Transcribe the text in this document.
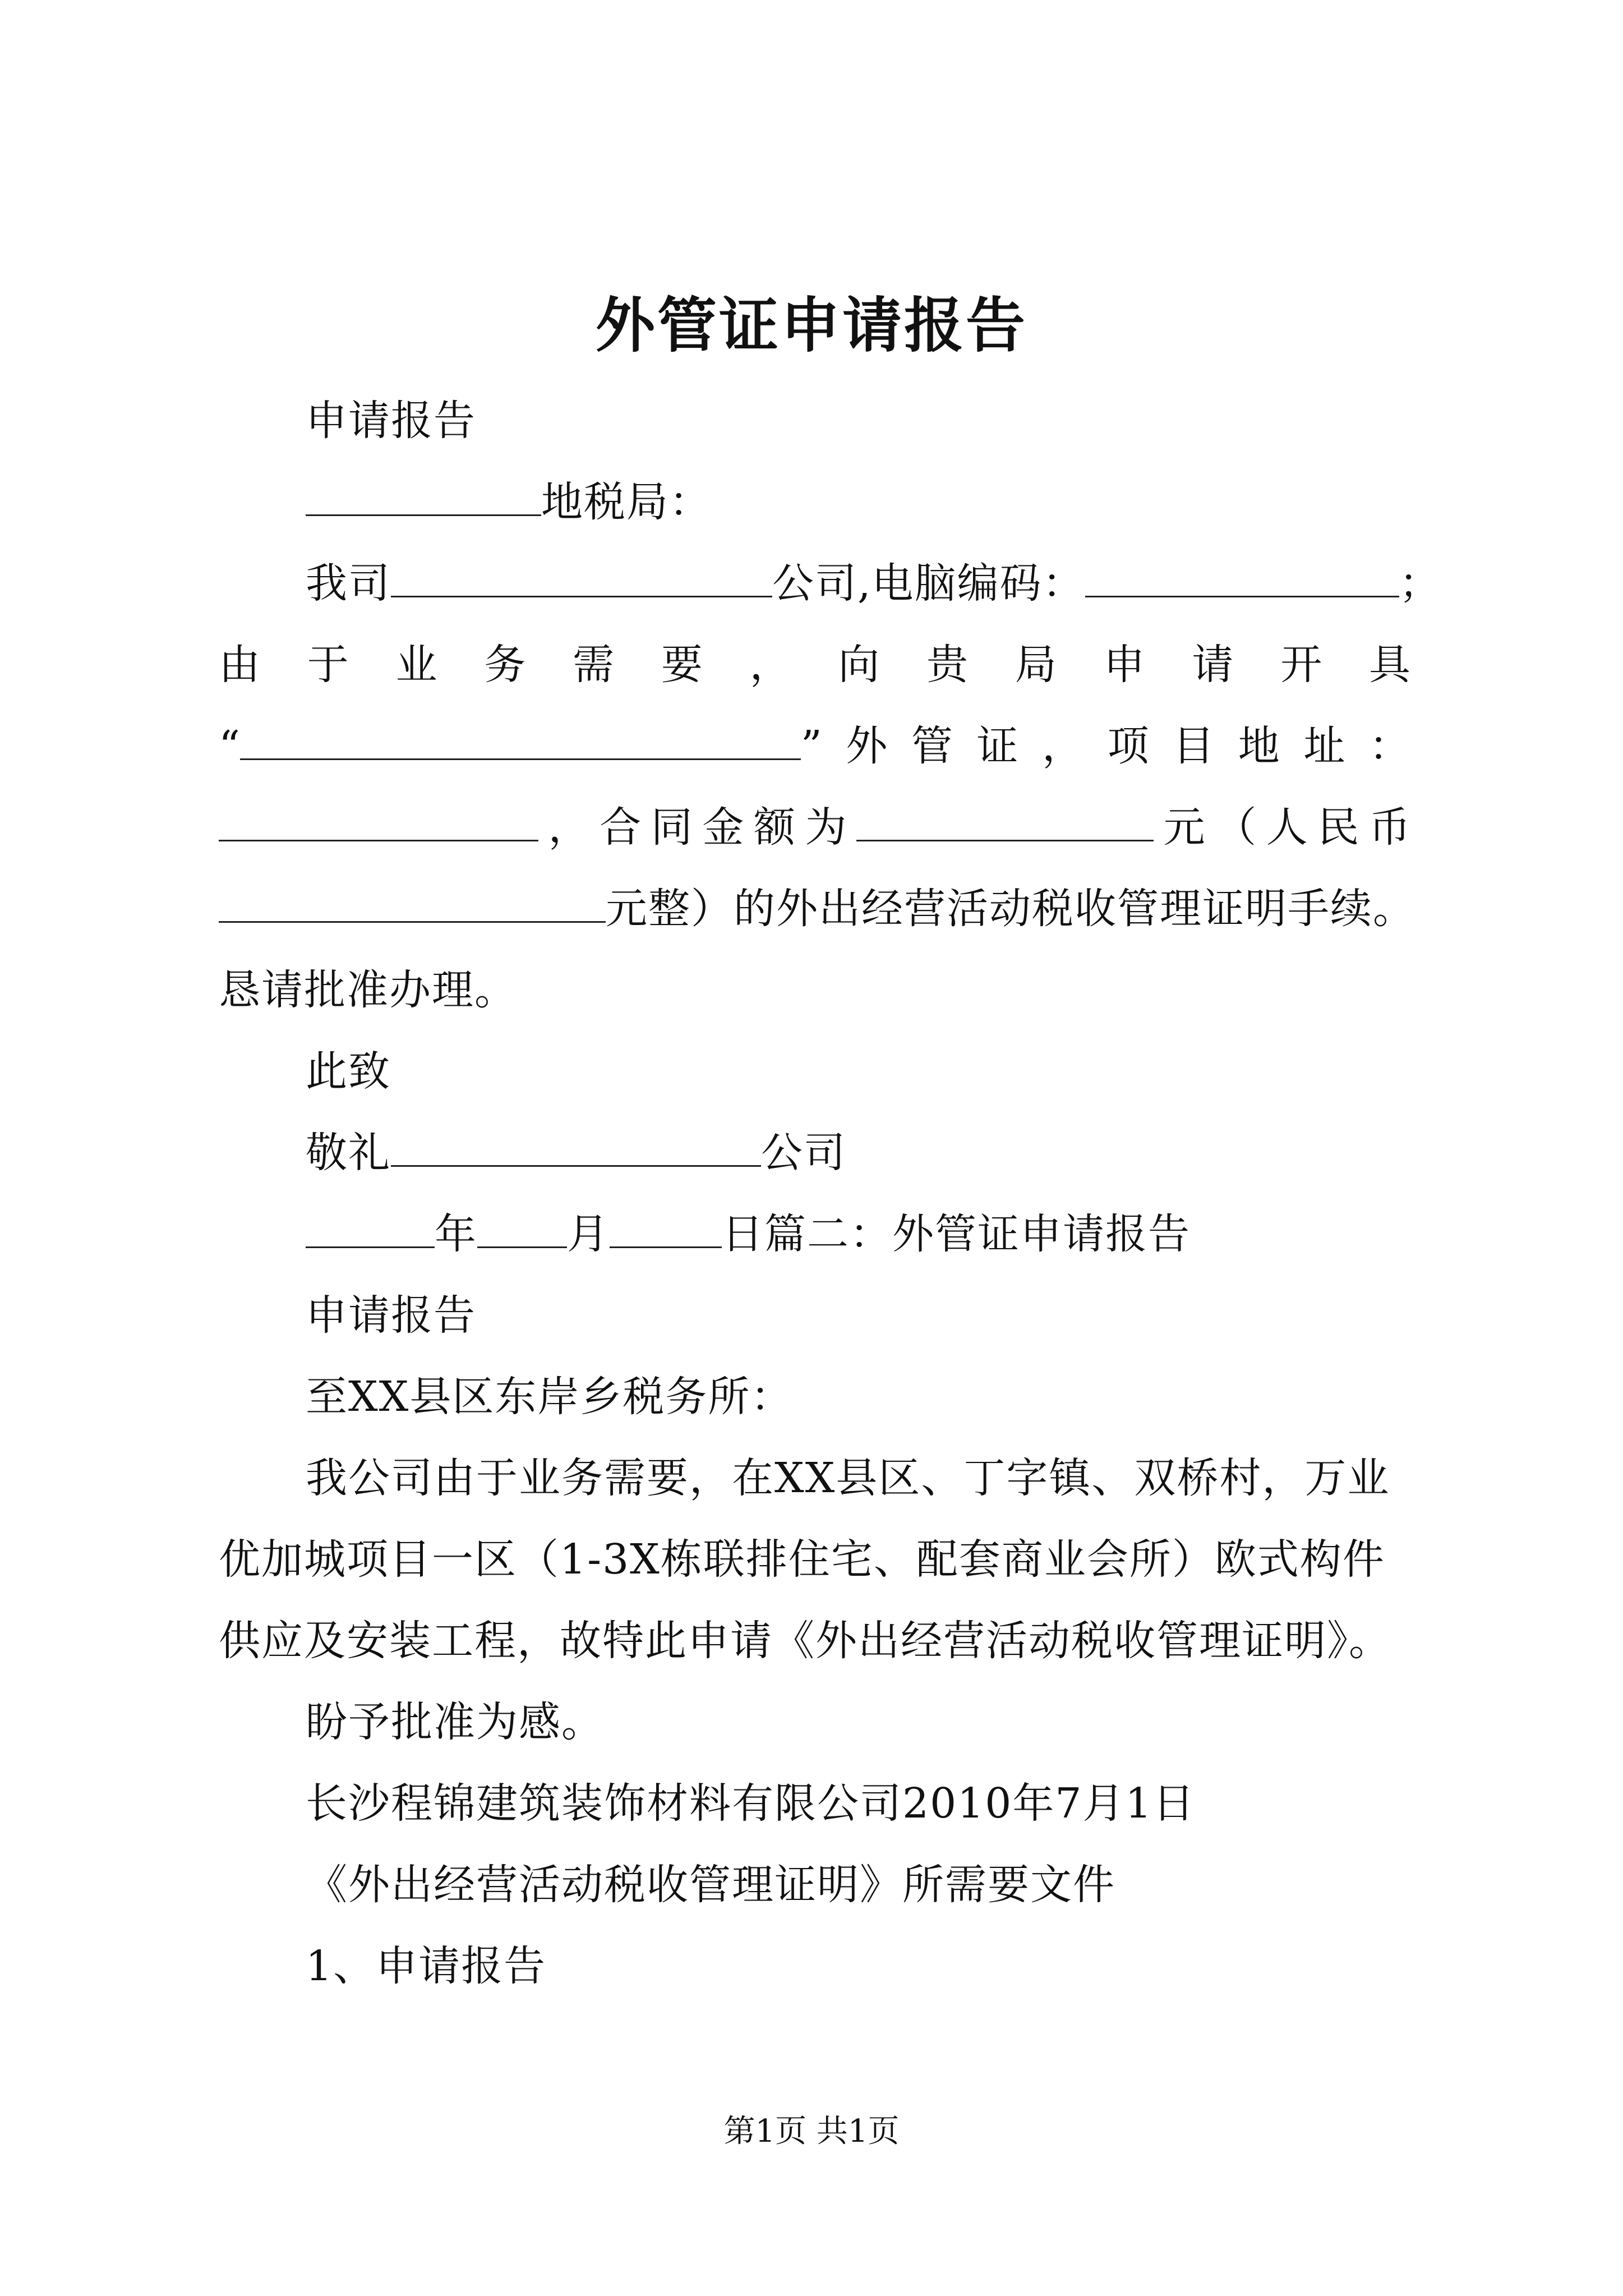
外管证申请报告
申请报告
地税局：
我司	公司,电脑编码：	；
由 于 业 务 需 要 ， 向 贵 局 申 请 开 具
“	” 外 管 证 ， 项 目 地 址 ：
， 合 同 金 额 为	元 （ 人 民 币
元整）的外出经营活动税收管理证明手续。
恳请批准办理。
此致
敬礼	公司
年 月	日篇二：外管证申请报告
申请报告
至XX县区东岸乡税务所：
我公司由于业务需要，在XX县区、丁字镇、双桥村，万业
优加城项目一区（1-3X栋联排住宅、配套商业会所）欧式构件
供应及安装工程，故特此申请《外出经营活动税收管理证明》。
盼予批准为感。
长沙程锦建筑装饰材料有限公司2010年7月1日
《外出经营活动税收管理证明》所需要文件
1、申请报告
第1页 共1页
